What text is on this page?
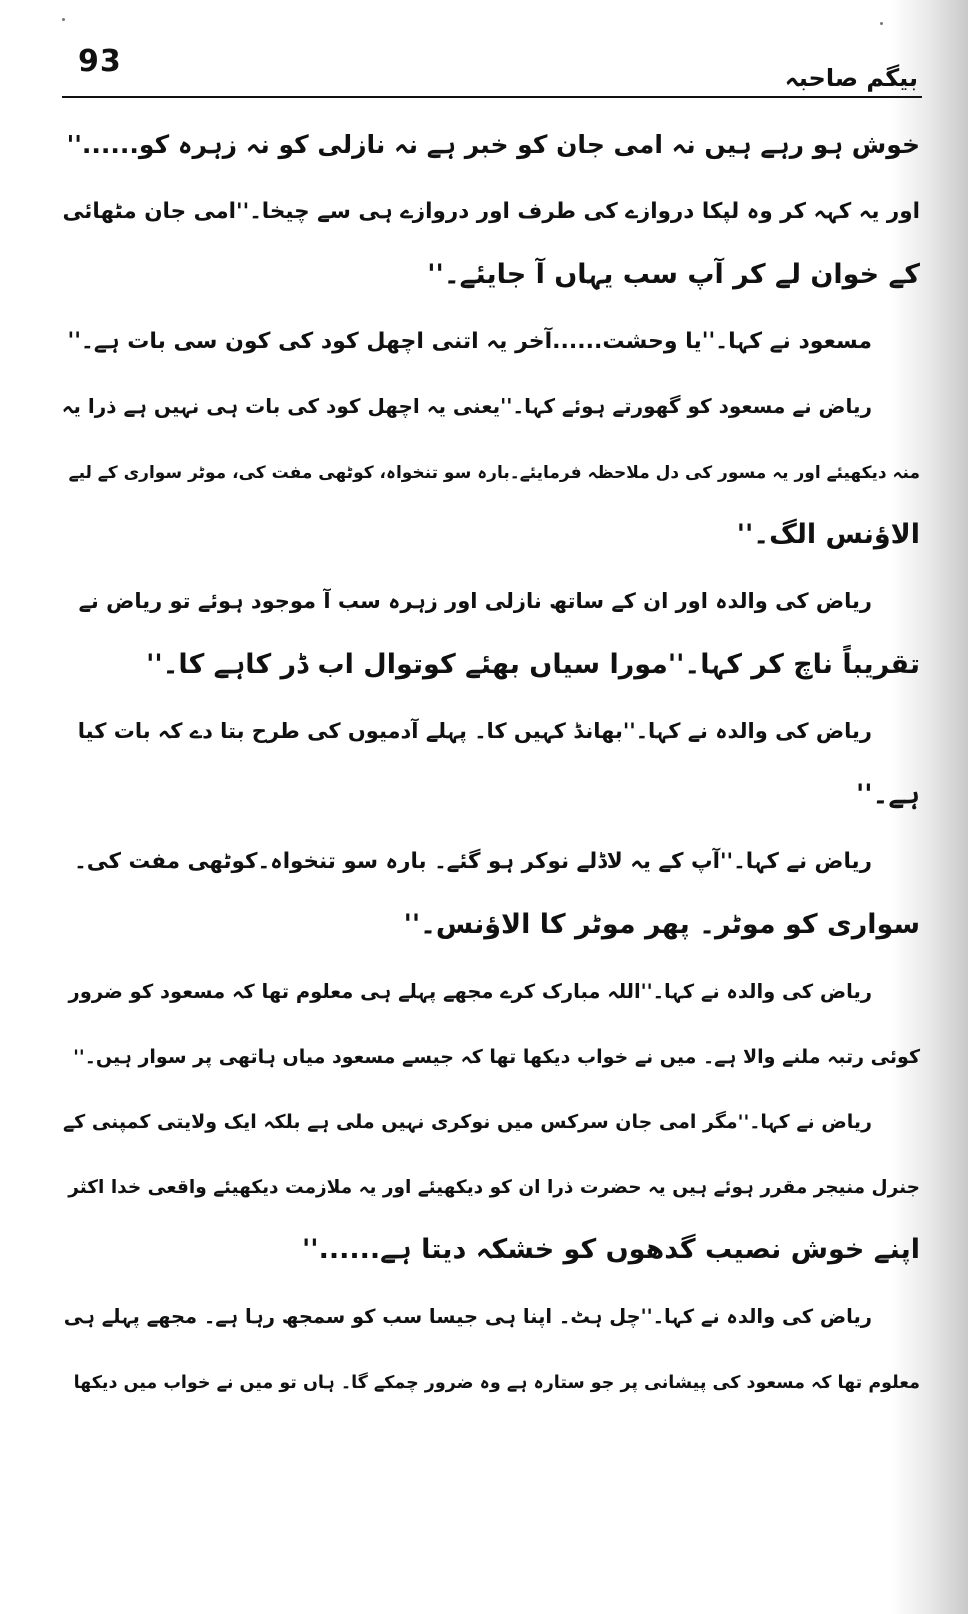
93	بیگم صاحبہ
خوش ہو رہے ہیں نہ امی جان کو خبر ہے نہ نازلی کو نہ زہرہ کو......''
اور یہ کہہ کر وہ لپکا دروازے کی طرف اور دروازے ہی سے چیخا۔''امی جان مٹھائی
کے خوان لے کر آپ سب یہاں آ جایئے۔''
مسعود نے کہا۔''یا وحشت......آخر یہ اتنی اچھل کود کی کون سی بات ہے۔''
ریاض نے مسعود کو گھورتے ہوئے کہا۔''یعنی یہ اچھل کود کی بات ہی نہیں ہے ذرا یہ
منہ دیکھیئے اور یہ مسور کی دل ملاحظہ فرمایئے۔بارہ سو تنخواہ، کوٹھی مفت کی، موٹر سواری کے لیے
الاؤنس الگ۔''
ریاض کی والدہ اور ان کے ساتھ نازلی اور زہرہ سب آ موجود ہوئے تو ریاض نے
تقریباً ناچ کر کہا۔''مورا سیاں بھئے کوتوال اب ڈر کاہے کا۔''
ریاض کی والدہ نے کہا۔''بھانڈ کہیں کا۔ پہلے آدمیوں کی طرح بتا دے کہ بات کیا
ہے۔''
ریاض نے کہا۔''آپ کے یہ لاڈلے نوکر ہو گئے۔ بارہ سو تنخواہ۔کوٹھی مفت کی۔
سواری کو موٹر۔ پھر موٹر کا الاؤنس۔''
ریاض کی والدہ نے کہا۔''اللہ مبارک کرے مجھے پہلے ہی معلوم تھا کہ مسعود کو ضرور
کوئی رتبہ ملنے والا ہے۔ میں نے خواب دیکھا تھا کہ جیسے مسعود میاں ہاتھی پر سوار ہیں۔''
ریاض نے کہا۔''مگر امی جان سرکس میں نوکری نہیں ملی ہے بلکہ ایک ولایتی کمپنی کے
جنرل منیجر مقرر ہوئے ہیں یہ حضرت ذرا ان کو دیکھیئے اور یہ ملازمت دیکھیئے واقعی خدا اکثر
اپنے خوش نصیب گدھوں کو خشکہ دیتا ہے......''
ریاض کی والدہ نے کہا۔''چل ہٹ۔ اپنا ہی جیسا سب کو سمجھ رہا ہے۔ مجھے پہلے ہی
معلوم تھا کہ مسعود کی پیشانی پر جو ستارہ ہے وہ ضرور چمکے گا۔ ہاں تو میں نے خواب میں دیکھا
